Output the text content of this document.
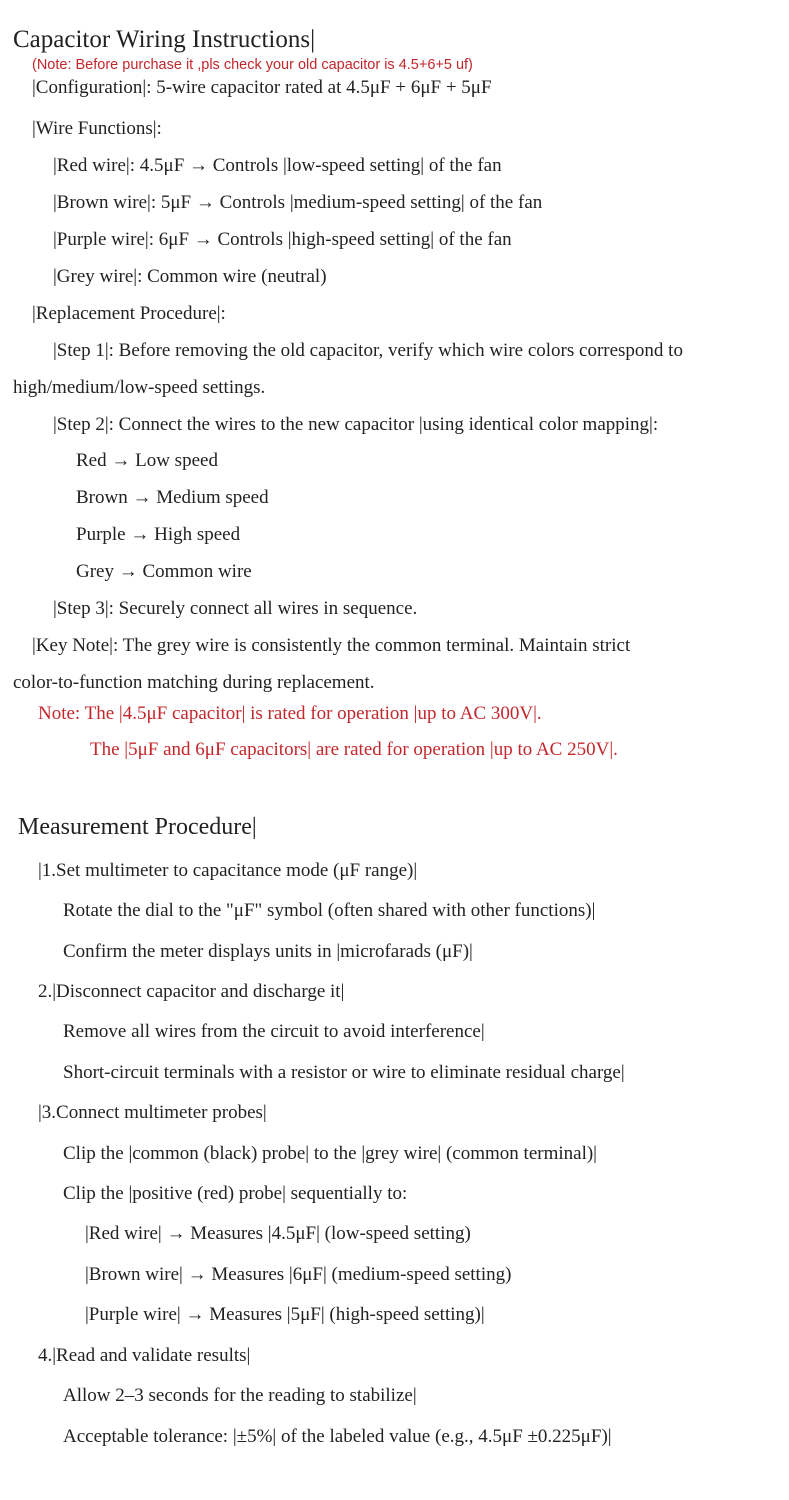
Capacitor Wiring Instructions|
(Note: Before purchase it ,pls check your old capacitor is 4.5+6+5 uf)
|Configuration|: 5-wire capacitor rated at 4.5μF + 6μF + 5μF
|Wire Functions|:
|Red wire|: 4.5μF → Controls |low-speed setting| of the fan
|Brown wire|: 5μF → Controls |medium-speed setting| of the fan
|Purple wire|: 6μF → Controls |high-speed setting| of the fan
|Grey wire|: Common wire (neutral)
|Replacement Procedure|:
|Step 1|: Before removing the old capacitor, verify which wire colors correspond to
high/medium/low-speed settings.
|Step 2|: Connect the wires to the new capacitor |using identical color mapping|:
Red → Low speed
Brown → Medium speed
Purple → High speed
Grey → Common wire
|Step 3|: Securely connect all wires in sequence.
|Key Note|: The grey wire is consistently the common terminal. Maintain strict
color-to-function matching during replacement.
Note: The |4.5μF capacitor| is rated for operation |up to AC 300V|.
The |5μF and 6μF capacitors| are rated for operation |up to AC 250V|.
Measurement Procedure|
|1.Set multimeter to capacitance mode (μF range)|
Rotate the dial to the "μF" symbol (often shared with other functions)|
Confirm the meter displays units in |microfarads (μF)|
2.|Disconnect capacitor and discharge it|
Remove all wires from the circuit to avoid interference|
Short-circuit terminals with a resistor or wire to eliminate residual charge|
|3.Connect multimeter probes|
Clip the |common (black) probe| to the |grey wire| (common terminal)|
Clip the |positive (red) probe| sequentially to:
|Red wire| → Measures |4.5μF| (low-speed setting)
|Brown wire| → Measures |6μF| (medium-speed setting)
|Purple wire| → Measures |5μF| (high-speed setting)|
4.|Read and validate results|
Allow 2–3 seconds for the reading to stabilize|
Acceptable tolerance: |±5%| of the labeled value (e.g., 4.5μF ±0.225μF)|
